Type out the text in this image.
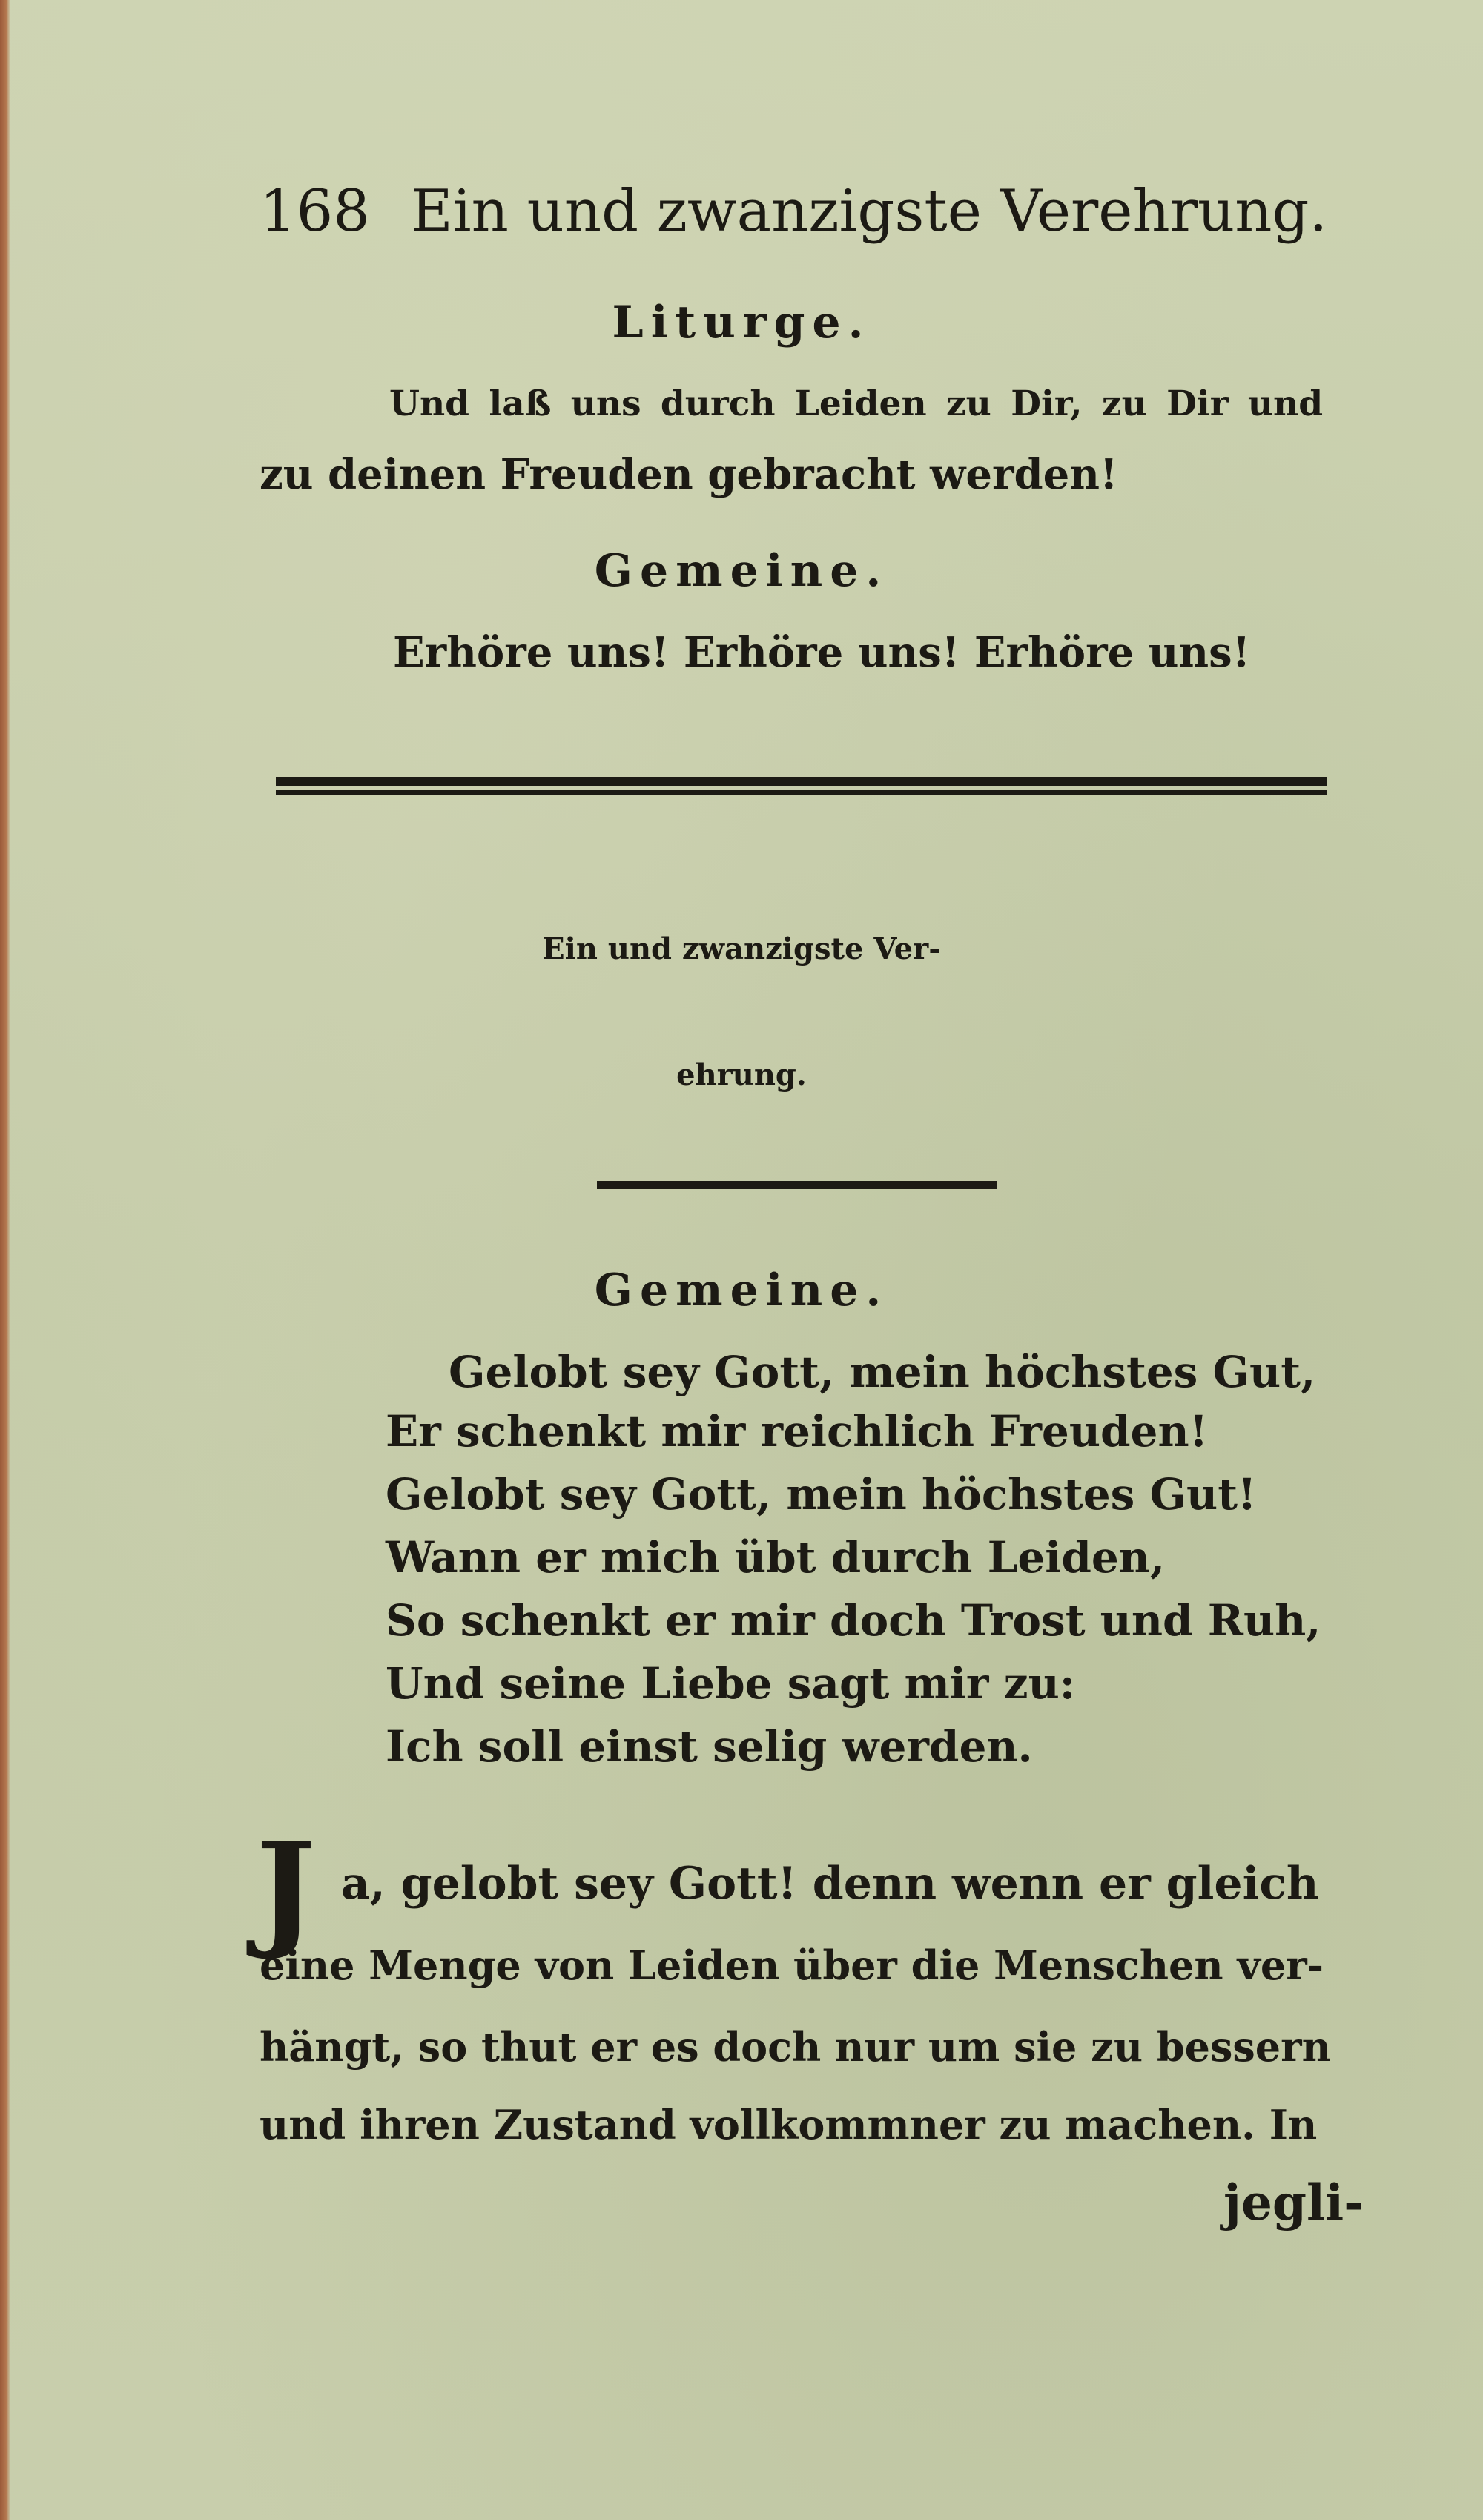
168 Ein und zwanzigste Verehrung.
Liturge.
Und laß uns durch Leiden zu Dir, zu Dir und
zu deinen Freuden gebracht werden!
Gemeine.
Erhöre uns! Erhöre uns! Erhöre uns!
Ein und zwanzigste Ver-
ehrung.
Gemeine.
Gelobt sey Gott, mein höchstes Gut,
Er schenkt mir reichlich Freuden!
Gelobt sey Gott, mein höchstes Gut!
Wann er mich übt durch Leiden,
So schenkt er mir doch Trost und Ruh,
Und seine Liebe sagt mir zu:
Ich soll einst selig werden.
J a, gelobt sey Gott! denn wenn er gleich
eine Menge von Leiden über die Menschen ver-
hängt, so thut er es doch nur um sie zu bessern
und ihren Zustand vollkommner zu machen. In
jegli-
